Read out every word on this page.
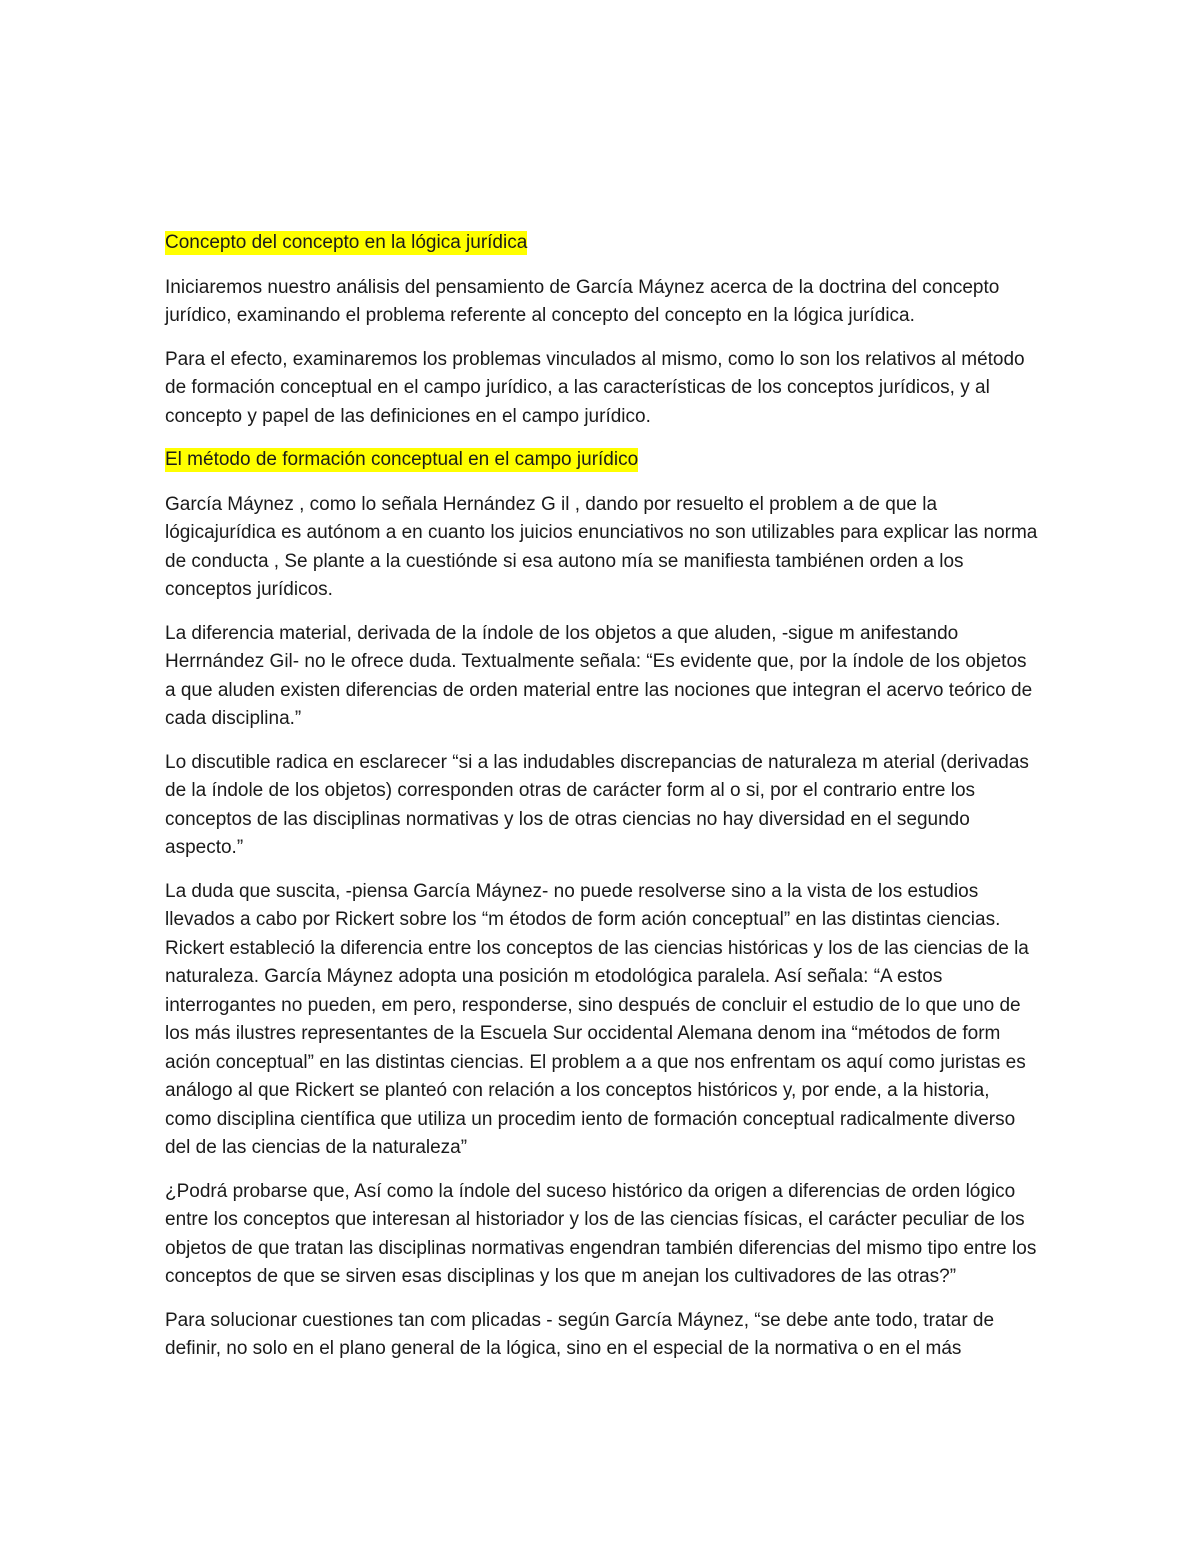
Concepto del concepto en la lógica jurídica

Iniciaremos nuestro análisis del pensamiento de García Máynez acerca de la doctrina del concepto jurídico, examinando el problema referente al concepto del concepto en la lógica jurídica.

Para el efecto, examinaremos los problemas vinculados al mismo, como lo son los relativos al método de formación conceptual en el campo jurídico, a las características de los conceptos jurídicos, y al concepto y papel de las definiciones en el campo jurídico.

El método de formación conceptual en el campo jurídico

García Máynez , como lo señala Hernández G il , dando por resuelto el problem a de que la lógicajurídica es autónom a en cuanto los juicios enunciativos no son utilizables para explicar las norma de conducta , Se plante a la cuestiónde si esa autono mía se manifiesta tambiénen orden a los conceptos jurídicos.

La diferencia material, derivada de la índole de los objetos a que aluden, -sigue m anifestando Herrnández Gil- no le ofrece duda. Textualmente señala: “Es evidente que, por la índole de los objetos a que aluden existen diferencias de orden material entre las nociones que integran el acervo teórico de cada disciplina.”

Lo discutible radica en esclarecer “si a las indudables discrepancias de naturaleza m aterial (derivadas de la índole de los objetos) corresponden otras de carácter form al o si, por el contrario entre los conceptos de las disciplinas normativas y los de otras ciencias no hay diversidad en el segundo aspecto.”

La duda que suscita, -piensa García Máynez- no puede resolverse sino a la vista de los estudios llevados a cabo por Rickert sobre los “m étodos de form ación conceptual” en las distintas ciencias. Rickert estableció la diferencia entre los conceptos de las ciencias históricas y los de las ciencias de la naturaleza. García Máynez adopta una posición m etodológica paralela. Así señala: “A estos interrogantes no pueden, em pero, responderse, sino después de concluir el estudio de lo que uno de los más ilustres representantes de la Escuela Sur occidental Alemana denom ina “métodos de form ación conceptual” en las distintas ciencias. El problem a a que nos enfrentam os aquí como juristas es análogo al que Rickert se planteó con relación a los conceptos históricos y, por ende, a la historia, como disciplina científica que utiliza un procedim iento de formación conceptual radicalmente diverso del de las ciencias de la naturaleza”

¿Podrá probarse que, Así como la índole del suceso histórico da origen a diferencias de orden lógico entre los conceptos que interesan al historiador y los de las ciencias físicas, el carácter peculiar de los objetos de que tratan las disciplinas normativas engendran también diferencias del mismo tipo entre los conceptos de que se sirven esas disciplinas y los que m anejan los cultivadores de las otras?”

Para solucionar cuestiones tan com plicadas - según García Máynez, “se debe ante todo, tratar de definir, no solo en el plano general de la lógica, sino en el especial de la normativa o en el más
